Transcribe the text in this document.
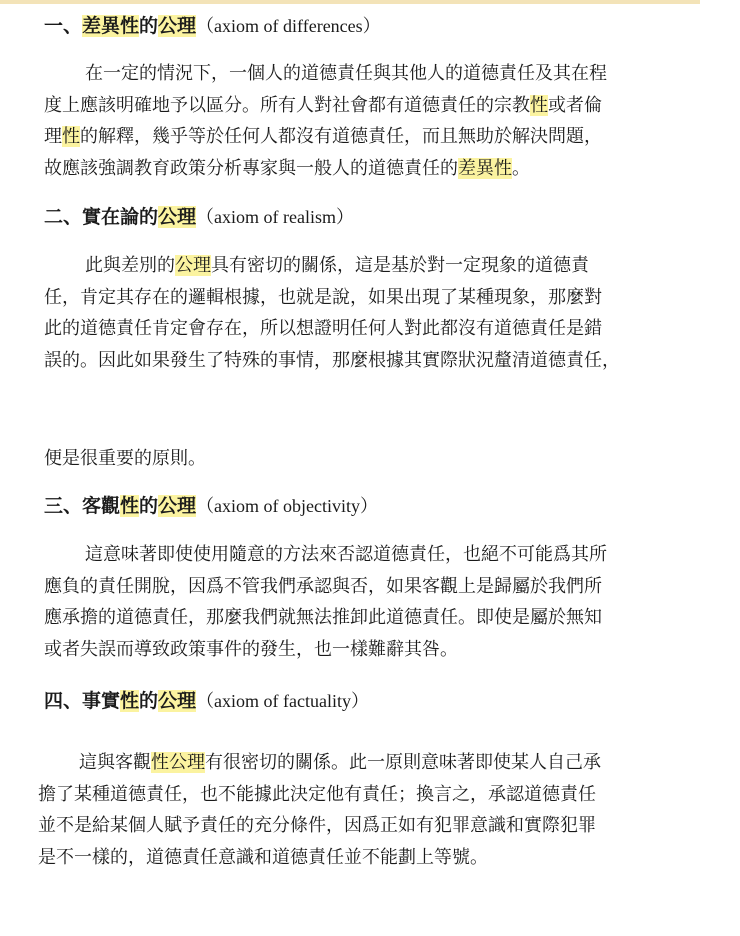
一、差異性的公理（axiom of differences）
在一定的情況下，一個人的道德責任與其他人的道德責任及其在程
度上應該明確地予以區分。所有人對社會都有道德責任的宗教性或者倫
理性的解釋，幾乎等於任何人都沒有道德責任，而且無助於解決問題，
故應該強調教育政策分析專家與一般人的道德責任的差異性。
二、實在論的公理（axiom of realism）
此與差別的公理具有密切的關係，這是基於對一定現象的道德責
任，肯定其存在的邏輯根據，也就是說，如果出現了某種現象，那麼對
此的道德責任肯定會存在，所以想證明任何人對此都沒有道德責任是錯
誤的。因此如果發生了特殊的事情，那麼根據其實際狀況釐清道德責任，
便是很重要的原則。
三、客觀性的公理（axiom of objectivity）
這意味著即使使用隨意的方法來否認道德責任，也絕不可能爲其所
應負的責任開脫，因爲不管我們承認與否，如果客觀上是歸屬於我們所
應承擔的道德責任，那麼我們就無法推卸此道德責任。即使是屬於無知
或者失誤而導致政策事件的發生，也一樣難辭其咎。
四、事實性的公理（axiom of factuality）
這與客觀性公理有很密切的關係。此一原則意味著即使某人自己承
擔了某種道德責任，也不能據此決定他有責任；換言之，承認道德責任
並不是給某個人賦予責任的充分條件，因爲正如有犯罪意識和實際犯罪
是不一樣的，道德責任意識和道德責任並不能劃上等號。
